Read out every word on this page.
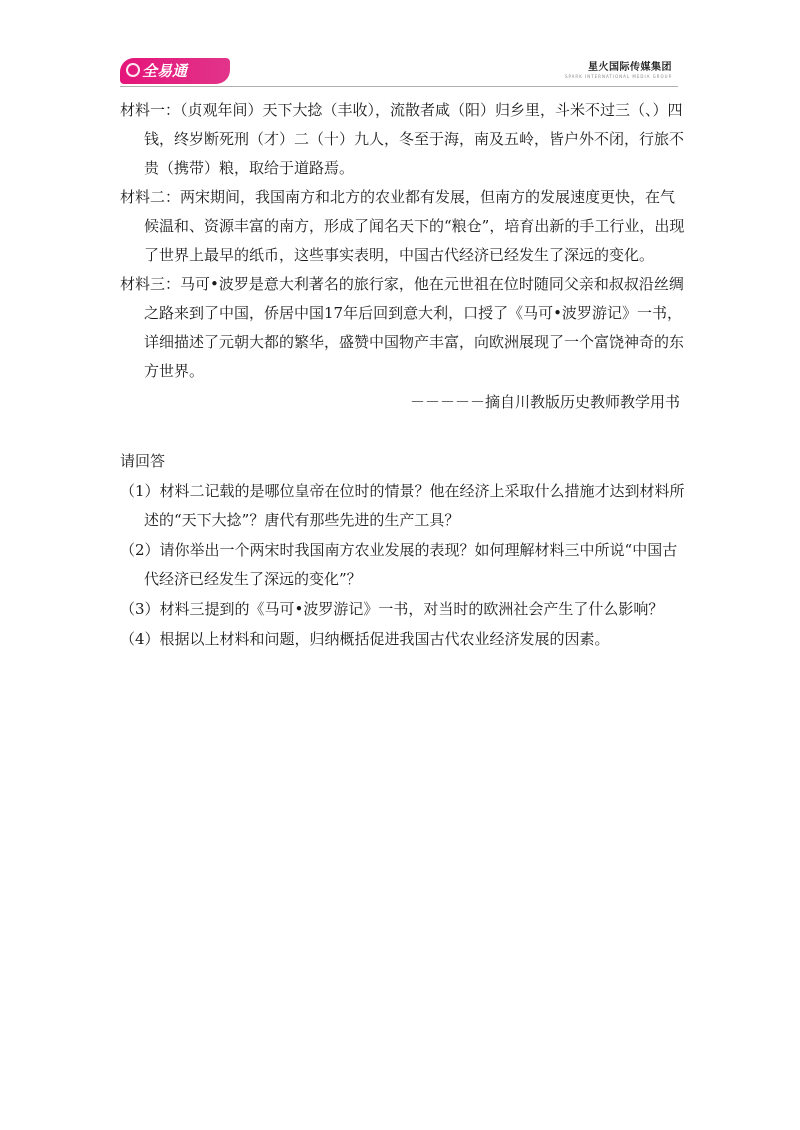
全易通	星火国际传媒集团
SPARK INTERNATIONAL MEDIA GROUP

材料一：（贞观年间）天下大捻（丰收），流散者咸（阳）归乡里，斗米不过三（、）四钱，终岁断死刑（才）二（十）九人，冬至于海，南及五岭，皆户外不闭，行旅不贵（携带）粮，取给于道路焉。

材料二：两宋期间，我国南方和北方的农业都有发展，但南方的发展速度更快，在气候温和、资源丰富的南方，形成了闻名天下的“粮仓”，培育出新的手工行业，出现了世界上最早的纸币，这些事实表明，中国古代经济已经发生了深远的变化。

材料三：马可•波罗是意大利著名的旅行家，他在元世祖在位时随同父亲和叔叔沿丝绸之路来到了中国，侨居中国17年后回到意大利，口授了《马可•波罗游记》一书，详细描述了元朝大都的繁华，盛赞中国物产丰富，向欧洲展现了一个富饶神奇的东方世界。

－－－－－摘自川教版历史教师教学用书
请回答

（1）材料二记载的是哪位皇帝在位时的情景？他在经济上采取什么措施才达到材料所述的“天下大捻”？唐代有那些先进的生产工具？

（2）请你举出一个两宋时我国南方农业发展的表现？如何理解材料三中所说“中国古代经济已经发生了深远的变化”？

（3）材料三提到的《马可•波罗游记》一书，对当时的欧洲社会产生了什么影响？

（4）根据以上材料和问题，归纳概括促进我国古代农业经济发展的因素。
